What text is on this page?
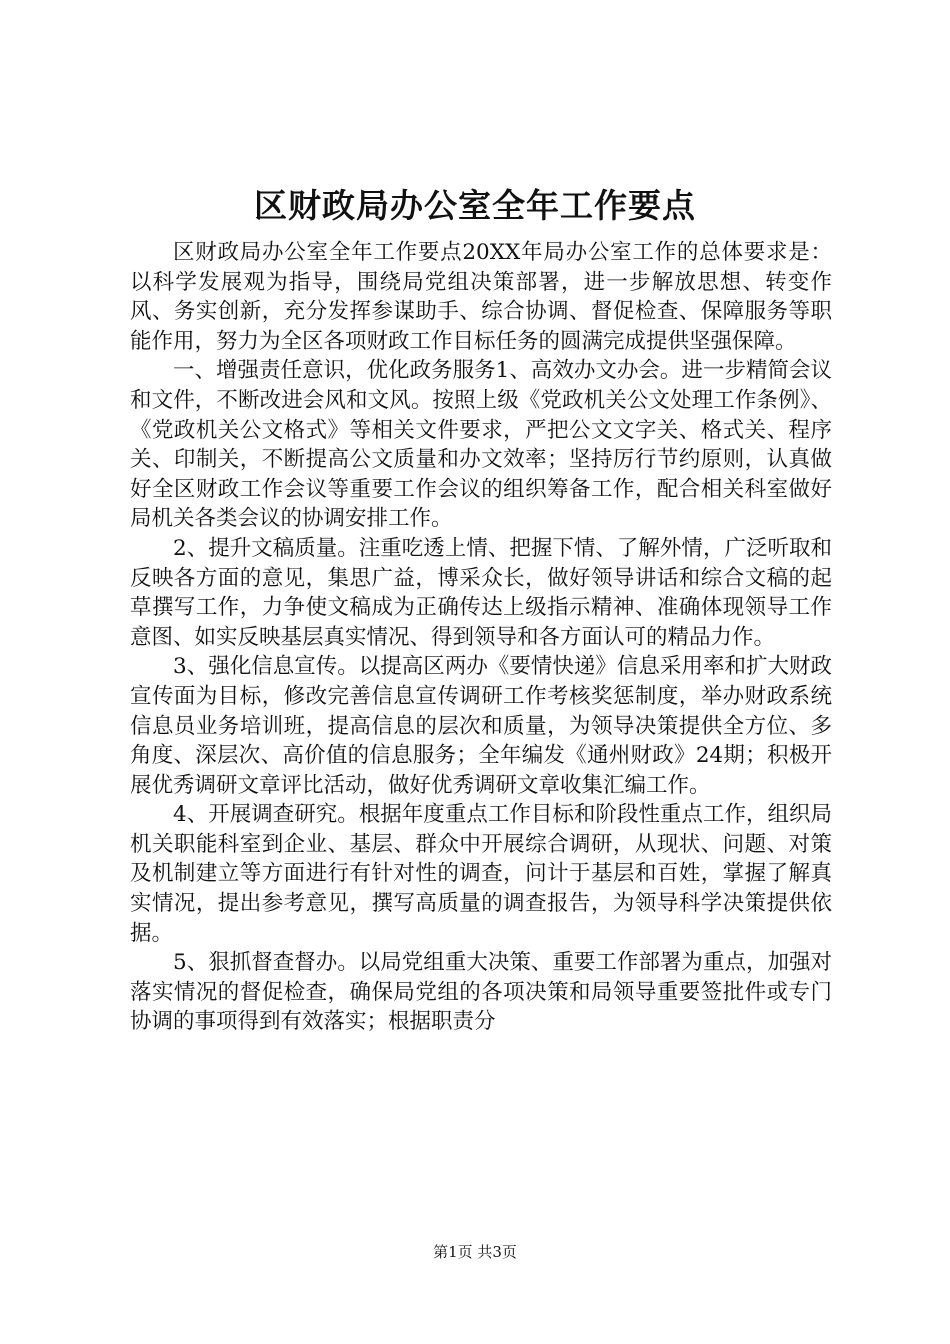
区财政局办公室全年工作要点

区财政局办公室全年工作要点20XX年局办公室工作的总体要求是：以科学发展观为指导，围绕局党组决策部署，进一步解放思想、转变作风、务实创新，充分发挥参谋助手、综合协调、督促检查、保障服务等职能作用，努力为全区各项财政工作目标任务的圆满完成提供坚强保障。

一、增强责任意识，优化政务服务1、高效办文办会。进一步精简会议和文件，不断改进会风和文风。按照上级《党政机关公文处理工作条例》、《党政机关公文格式》等相关文件要求，严把公文文字关、格式关、程序关、印制关，不断提高公文质量和办文效率；坚持厉行节约原则，认真做好全区财政工作会议等重要工作会议的组织筹备工作，配合相关科室做好局机关各类会议的协调安排工作。

2、提升文稿质量。注重吃透上情、把握下情、了解外情，广泛听取和反映各方面的意见，集思广益，博采众长，做好领导讲话和综合文稿的起草撰写工作，力争使文稿成为正确传达上级指示精神、准确体现领导工作意图、如实反映基层真实情况、得到领导和各方面认可的精品力作。

3、强化信息宣传。以提高区两办《要情快递》信息采用率和扩大财政宣传面为目标，修改完善信息宣传调研工作考核奖惩制度，举办财政系统信息员业务培训班，提高信息的层次和质量，为领导决策提供全方位、多角度、深层次、高价值的信息服务；全年编发《通州财政》24期；积极开展优秀调研文章评比活动，做好优秀调研文章收集汇编工作。

4、开展调查研究。根据年度重点工作目标和阶段性重点工作，组织局机关职能科室到企业、基层、群众中开展综合调研，从现状、问题、对策及机制建立等方面进行有针对性的调查，问计于基层和百姓，掌握了解真实情况，提出参考意见，撰写高质量的调查报告，为领导科学决策提供依据。

5、狠抓督查督办。以局党组重大决策、重要工作部署为重点，加强对落实情况的督促检查，确保局党组的各项决策和局领导重要签批件或专门协调的事项得到有效落实；根据职责分

第1页 共3页
